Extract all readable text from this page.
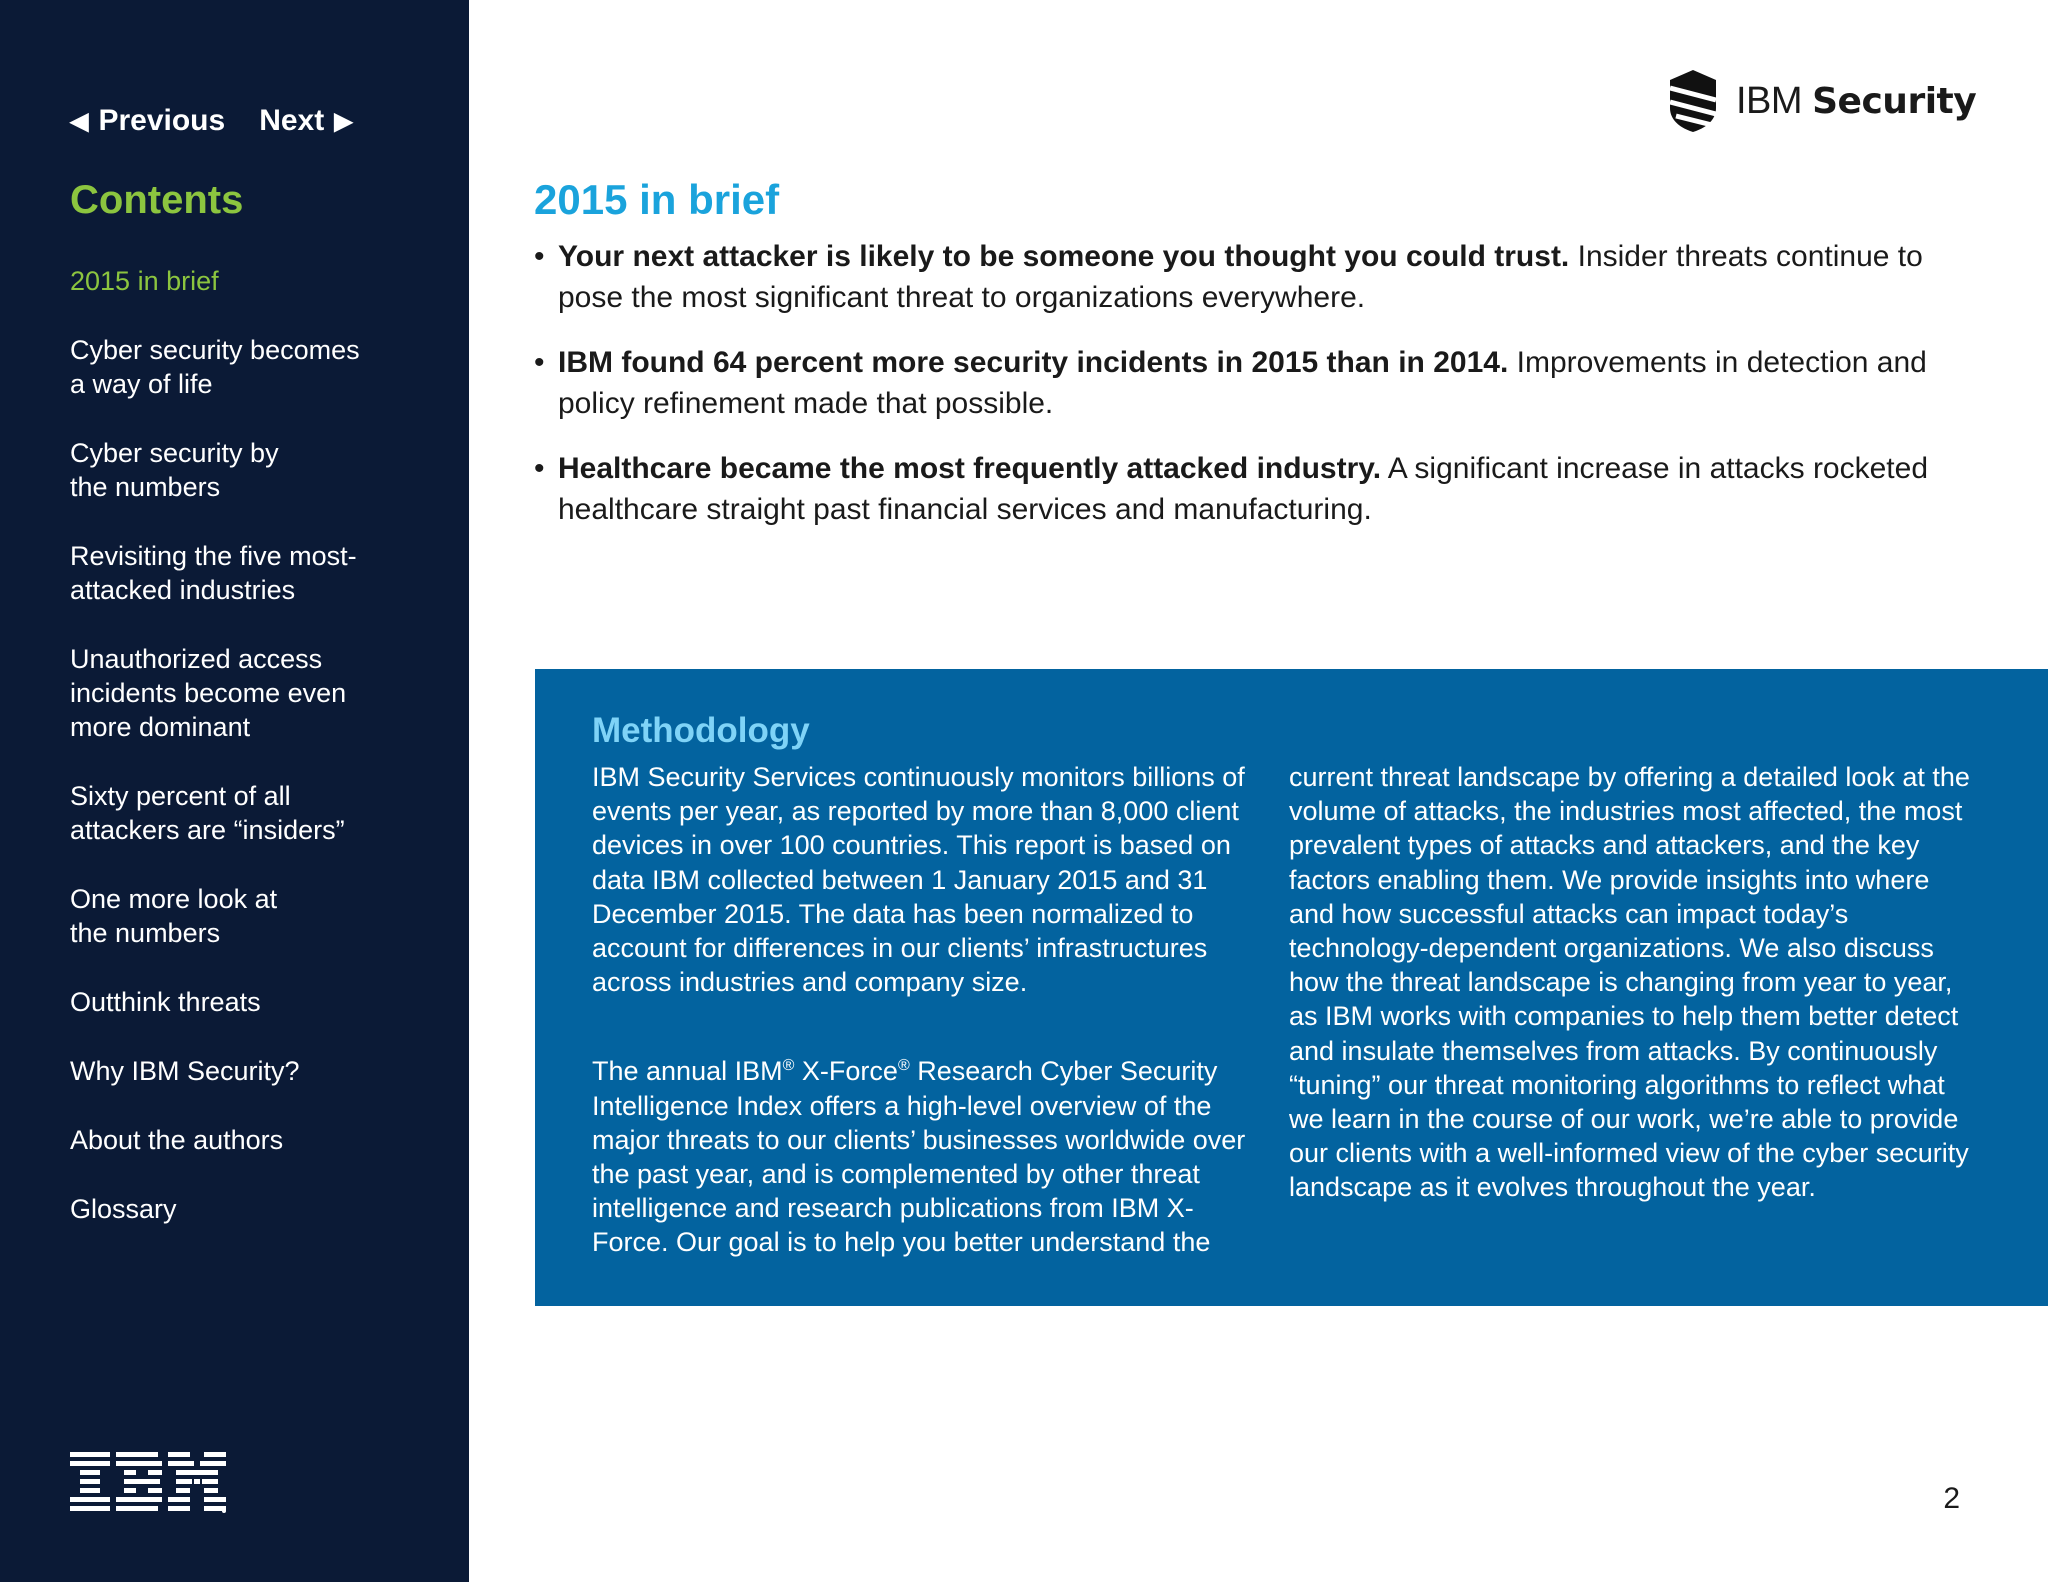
◀ Previous Next ▶
Contents
2015 in brief
Cyber security becomes
a way of life
Cyber security by
the numbers
Revisiting the five most-
attacked industries
Unauthorized access
incidents become even
more dominant
Sixty percent of all
attackers are “insiders”
One more look at
the numbers
Outthink threats
Why IBM Security?
About the authors
Glossary
IBM Security
2015 in brief
• Your next attacker is likely to be someone you thought you could trust. Insider threats continue to pose the most significant threat to organizations everywhere.
• IBM found 64 percent more security incidents in 2015 than in 2014. Improvements in detection and policy refinement made that possible.
• Healthcare became the most frequently attacked industry. A significant increase in attacks rocketed healthcare straight past financial services and manufacturing.
Methodology

IBM Security Services continuously monitors billions of events per year, as reported by more than 8,000 client devices in over 100 countries. This report is based on data IBM collected between 1 January 2015 and 31 December 2015. The data has been normalized to account for differences in our clients’ infrastructures across industries and company size.

The annual IBM® X-Force® Research Cyber Security Intelligence Index offers a high-level overview of the major threats to our clients’ businesses worldwide over the past year, and is complemented by other threat intelligence and research publications from IBM X-Force. Our goal is to help you better understand the

current threat landscape by offering a detailed look at the volume of attacks, the industries most affected, the most prevalent types of attacks and attackers, and the key factors enabling them. We provide insights into where and how successful attacks can impact today’s technology-dependent organizations. We also discuss how the threat landscape is changing from year to year, as IBM works with companies to help them better detect and insulate themselves from attacks. By continuously “tuning” our threat monitoring algorithms to reflect what we learn in the course of our work, we’re able to provide our clients with a well-informed view of the cyber security landscape as it evolves throughout the year.

2
